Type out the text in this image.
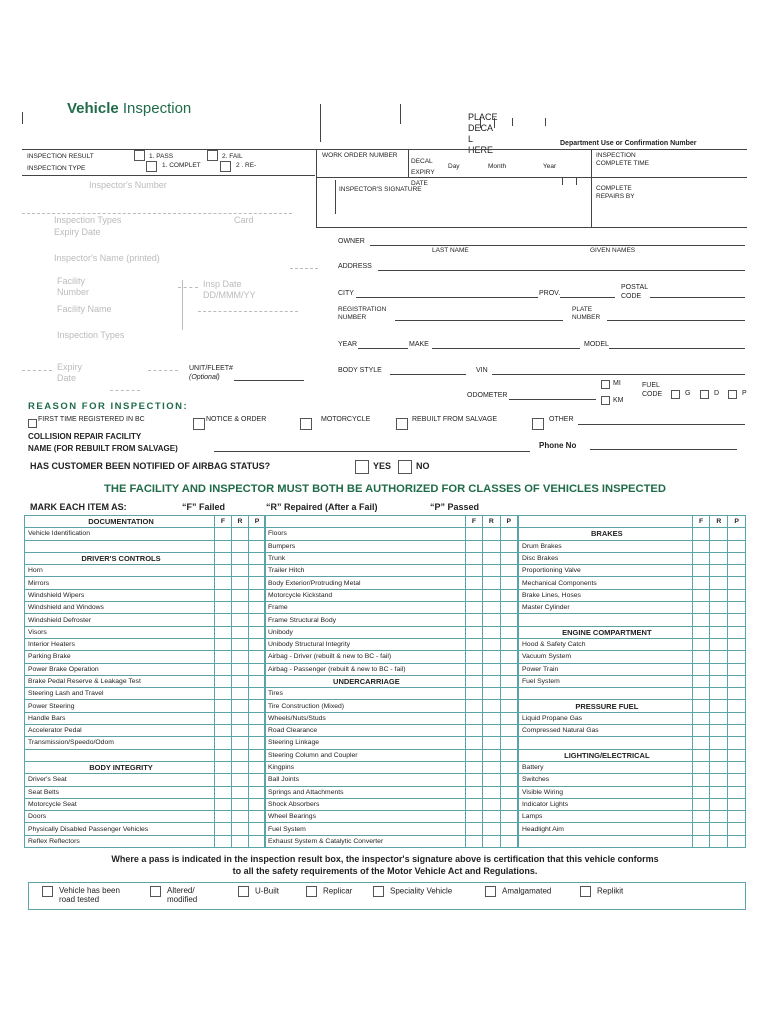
Vehicle Inspection	PLACE
DECA
L
HERE
Department Use or Confirmation Number
INSPECTION RESULT
INSPECTION TYPE
1. PASS	2. FAIL
1. COMPLET	2 . RE-
WORK ORDER NUMBER
DECAL
EXPIRY
DATE
Day	Month	Year
INSPECTION
COMPLETE TIME
INSPECTOR'S SIGNATURE	COMPLETE
REPAIRS BY
Inspector's Number
Inspection Types	Card
Expiry Date
Inspector's Name (printed)
Facility
Number
Insp Date
DD/MMM/YY
Facility Name
Inspection Types
Expiry
Date
UNIT/FLEET#
(Optional)
OWNER
LAST NAME	GIVEN NAMES
ADDRESS
CITY	PROV.
POSTAL
CODE
REGISTRATION
NUMBER
PLATE
NUMBER
YEAR	MAKE	MODEL
BODY STYLE	VIN
MI
KM
ODOMETER
FUEL
CODE	G	D	P
REASON FOR INSPECTION:
FIRST TIME REGISTERED IN BC	NOTICE & ORDER	MOTORCYCLE	REBUILT FROM SALVAGE	OTHER
COLLISION REPAIR FACILITY
NAME (FOR REBUILT FROM SALVAGE)	Phone No
HAS CUSTOMER BEEN NOTIFIED OF AIRBAG STATUS?	YES	NO
THE FACILITY AND INSPECTOR MUST BOTH BE AUTHORIZED FOR CLASSES OF VEHICLES INSPECTED
MARK EACH ITEM AS:	“F” Failed	“R” Repaired (After a Fail)	“P” Passed
DOCUMENTATION	F	R	P
Vehicle Identification			

DRIVER'S CONTROLS			
Horn			
Mirrors			
Windshield Wipers			
Windshield and Windows			
Windshield Defroster			
Visors			
Interior Heaters			
Parking Brake			
Power Brake Operation			
Brake Pedal Reserve & Leakage Test			
Steering Lash and Travel			
Power Steering			
Handle Bars			
Accelerator Pedal			
Transmission/Speedo/Odom			

BODY INTEGRITY			
Driver's Seat			
Seat Belts			
Motorcycle Seat			
Doors			
Physically Disabled Passenger Vehicles			
Reflex Reflectors			
	F	R	P
Floors			
Bumpers			
Trunk			
Trailer Hitch			
Body Exterior/Protruding Metal			
Motorcycle Kickstand			
Frame			
Frame Structural Body			
Unibody			
Unibody Structural Integrity			
Airbag - Driver (rebuilt & new to BC - fail)			
Airbag - Passenger (rebuilt & new to BC - fail)			
UNDERCARRIAGE			
Tires			
Tire Construction (Mixed)			
Wheels/Nuts/Studs			
Road Clearance			
Steering Linkage			
Steering Column and Coupler			
Kingpins			
Ball Joints			
Springs and Attachments			
Shock Absorbers			
Wheel Bearings			
Fuel System			
Exhaust System & Catalytic Converter			
	F	R	P
BRAKES			
Drum Brakes			
Disc Brakes			
Proportioning Valve			
Mechanical Components			
Brake Lines, Hoses			
Master Cylinder			

ENGINE COMPARTMENT			
Hood & Safety Catch			
Vacuum System			
Power Train			
Fuel System			

PRESSURE FUEL			
Liquid Propane Gas			
Compressed Natural Gas			

LIGHTING/ELECTRICAL			
Battery			
Switches			
Visible Wiring			
Indicator Lights			
Lamps			
Headlight Aim			

Where a pass is indicated in the inspection result box, the inspector's signature above is certification that this vehicle conforms
to all the safety requirements of the Motor Vehicle Act and Regulations.
Vehicle has been
road tested
Altered/
modified
U-Built	Replicar	Speciality Vehicle	Amalgamated	Replikit
